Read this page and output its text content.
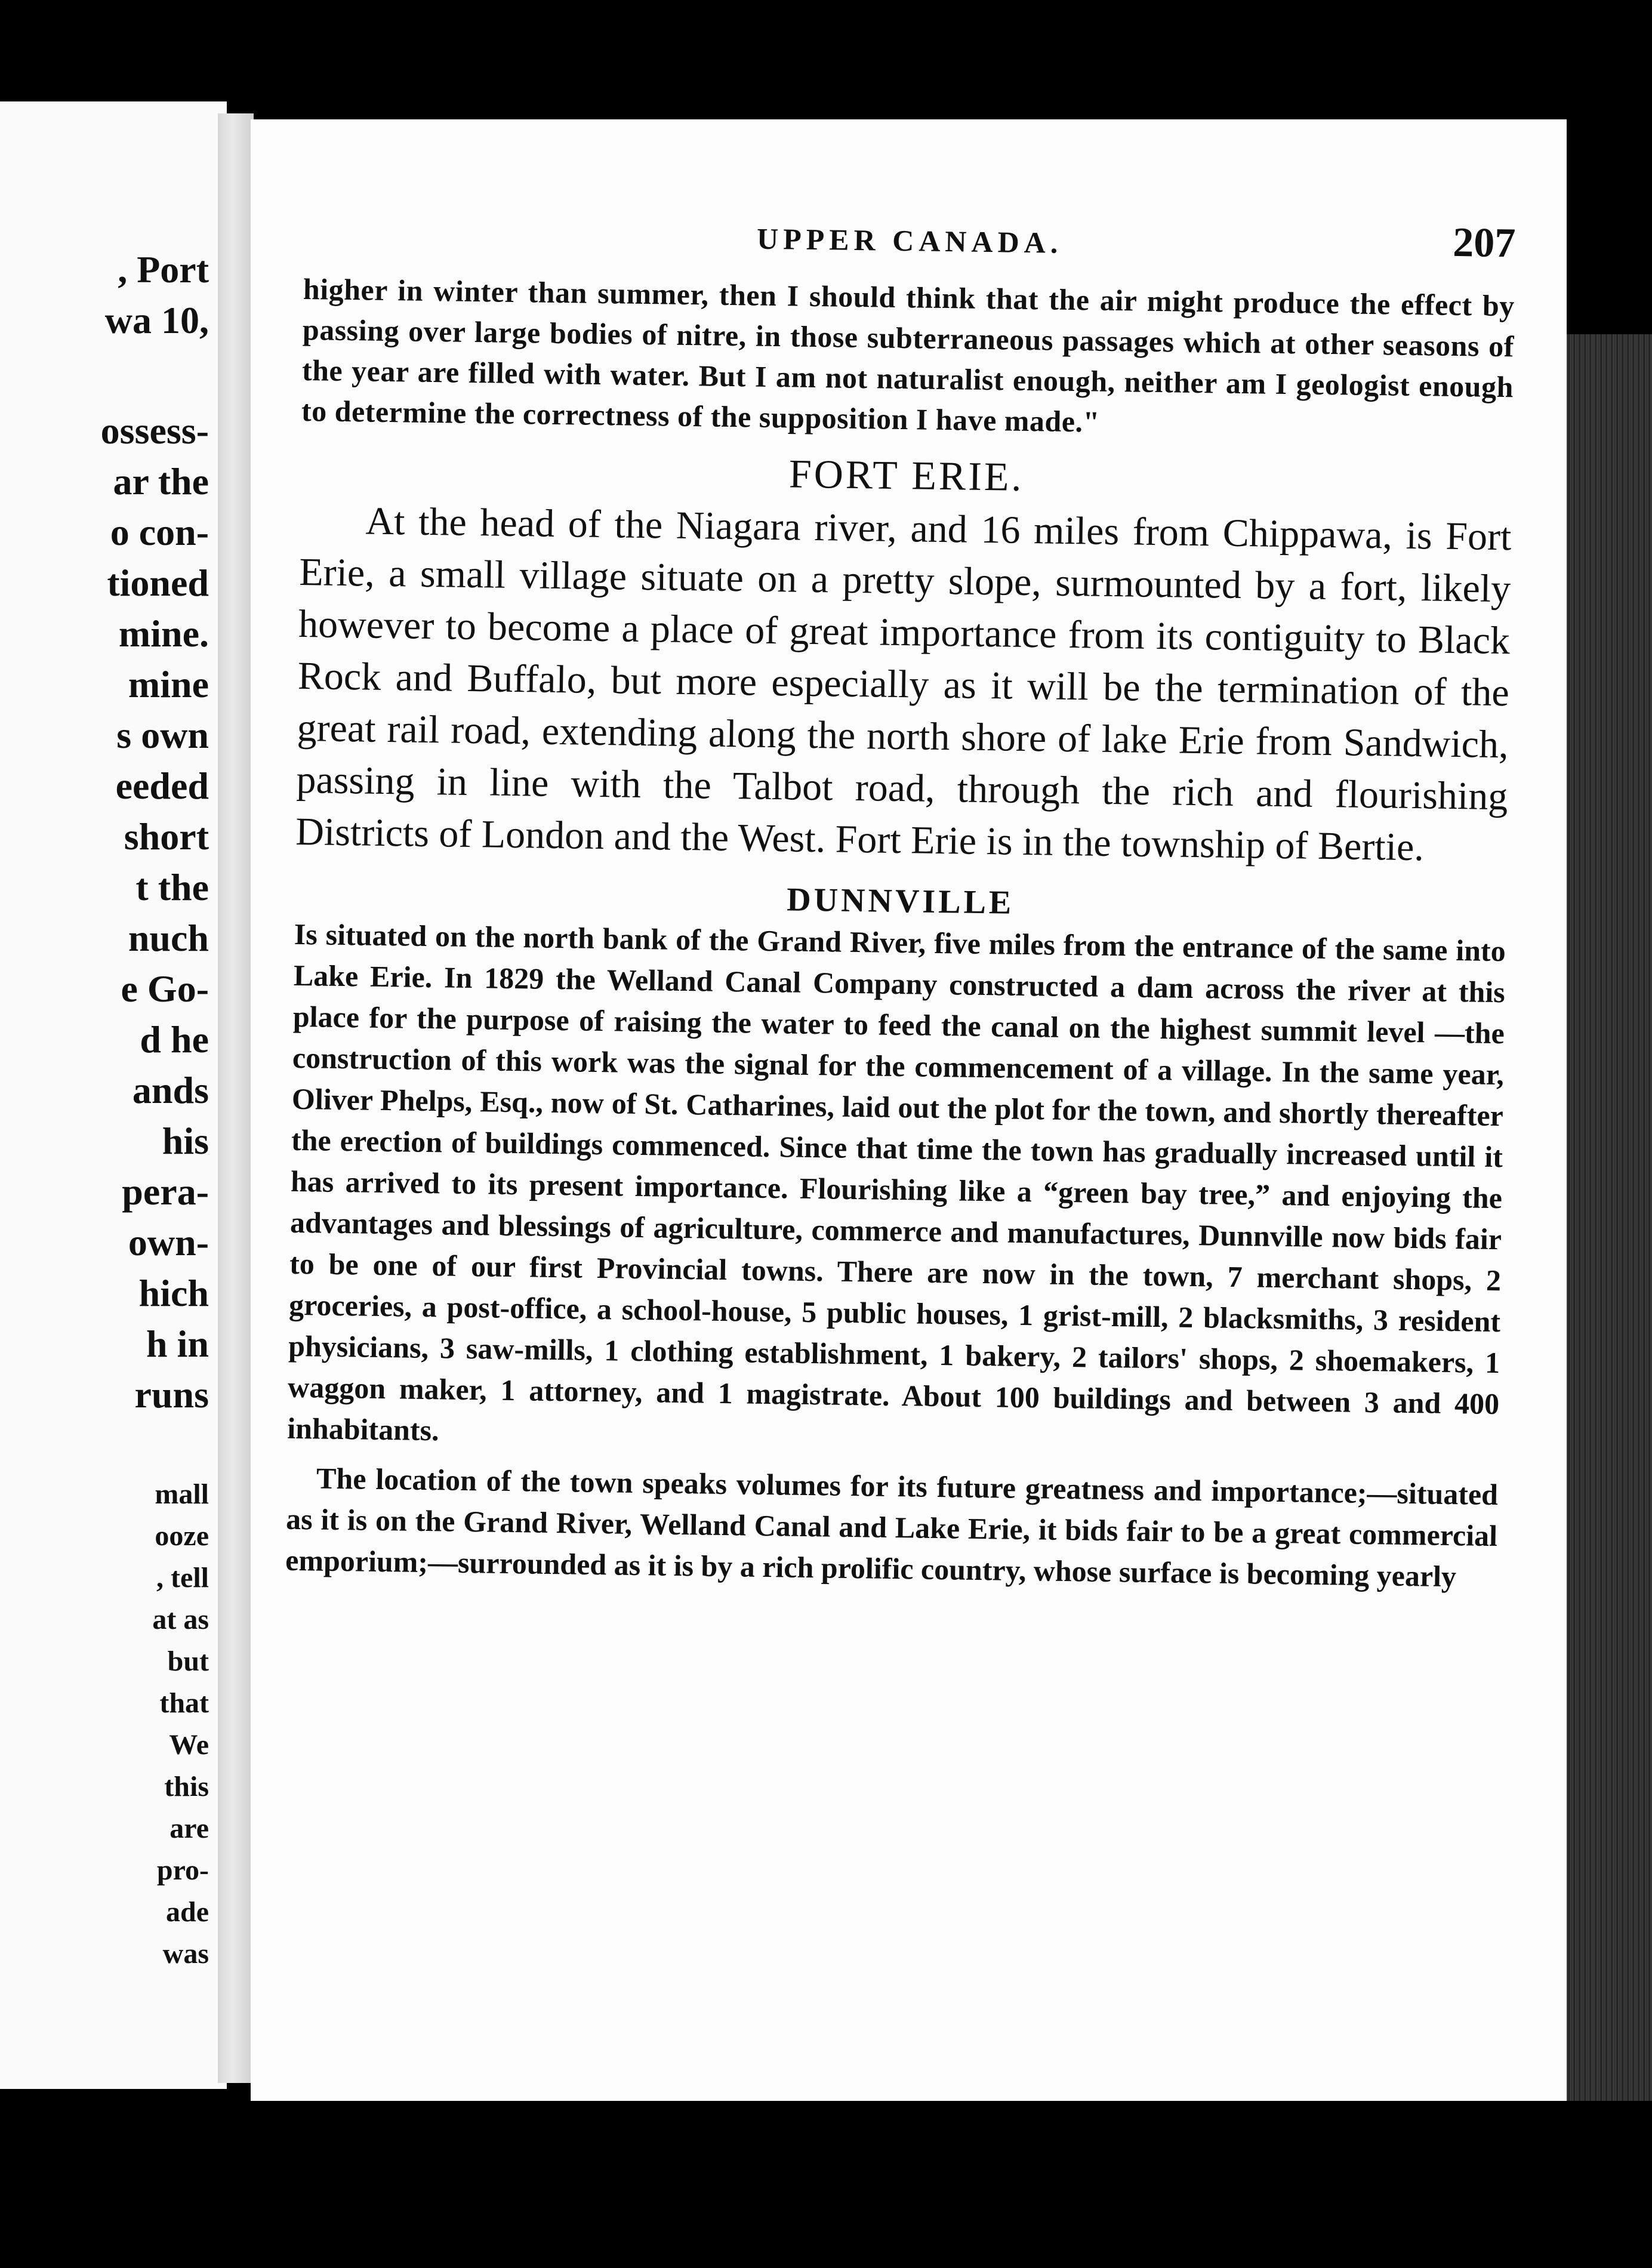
, Port
wa 10,
ossess-
ar the
o con-
tioned
mine.
mine
s own
eeded
short
t the
nuch
e Go-
d he
ands
his
pera-
own-
hich
h in
runs
mall
ooze
, tell
at as
but
that
We
this
are
pro-
ade
was
UPPER CANADA.	207

higher in winter than summer, then I should think that the air might produce the effect by passing over large bodies of nitre, in those subterraneous passages which at other seasons of the year are filled with water. But I am not naturalist enough, neither am I geologist enough to determine the correctness of the supposition I have made."

FORT ERIE.

At the head of the Niagara river, and 16 miles from Chippawa, is Fort Erie, a small village situate on a pretty slope, surmounted by a fort, likely however to become a place of great importance from its contiguity to Black Rock and Buffalo, but more especially as it will be the termination of the great rail road, extending along the north shore of lake Erie from Sandwich, passing in line with the Talbot road, through the rich and flourishing Districts of London and the West. Fort Erie is in the township of Bertie.

DUNNVILLE

Is situated on the north bank of the Grand River, five miles from the entrance of the same into Lake Erie. In 1829 the Welland Canal Company constructed a dam across the river at this place for the purpose of raising the water to feed the canal on the highest summit level —the construction of this work was the signal for the commencement of a village. In the same year, Oliver Phelps, Esq., now of St. Catharines, laid out the plot for the town, and shortly thereafter the erection of buildings commenced. Since that time the town has gradually increased until it has arrived to its present importance. Flourishing like a “green bay tree,” and enjoying the advantages and blessings of agriculture, commerce and manufactures, Dunnville now bids fair to be one of our first Provincial towns. There are now in the town, 7 merchant shops, 2 groceries, a post-office, a school-house, 5 public houses, 1 grist-mill, 2 blacksmiths, 3 resident physicians, 3 saw-mills, 1 clothing establishment, 1 bakery, 2 tailors' shops, 2 shoemakers, 1 waggon maker, 1 attorney, and 1 magistrate. About 100 buildings and between 3 and 400 inhabitants.

The location of the town speaks volumes for its future greatness and importance;—situated as it is on the Grand River, Welland Canal and Lake Erie, it bids fair to be a great commercial emporium;—surrounded as it is by a rich prolific country, whose surface is becoming yearly
